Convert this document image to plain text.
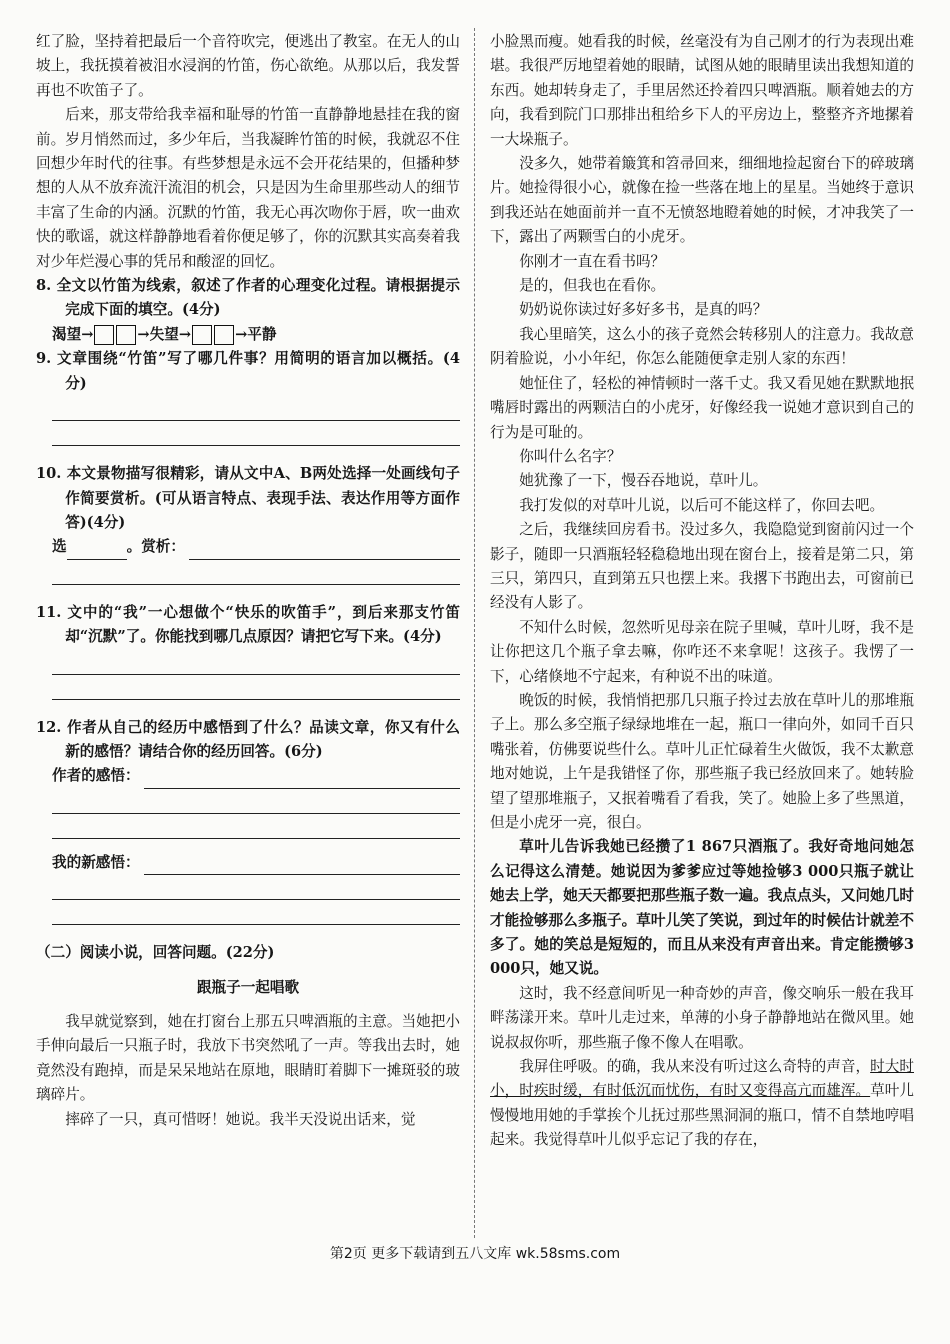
红了脸，坚持着把最后一个音符吹完，便逃出了教室。在无人的山坡上，我抚摸着被泪水浸润的竹笛，伤心欲绝。从那以后，我发誓再也不吹笛子了。

后来，那支带给我幸福和耻辱的竹笛一直静静地悬挂在我的窗前。岁月悄然而过，多少年后，当我凝眸竹笛的时候，我就忍不住回想少年时代的往事。有些梦想是永远不会开花结果的，但播种梦想的人从不放弃流汗流泪的机会，只是因为生命里那些动人的细节丰富了生命的内涵。沉默的竹笛，我无心再次吻你于唇，吹一曲欢快的歌谣，就这样静静地看着你便足够了，你的沉默其实高奏着我对少年烂漫心事的凭吊和酸涩的回忆。

8. 全文以竹笛为线索，叙述了作者的心理变化过程。请根据提示完成下面的填空。(4分)

渴望→	→失望→	→平静

9. 文章围绕“竹笛”写了哪几件事？用简明的语言加以概括。(4分)

10. 本文景物描写很精彩，请从文中A、B两处选择一处画线句子作简要赏析。(可从语言特点、表现手法、表达作用等方面作答)(4分)

选	。赏析：

11. 文中的“我”一心想做个“快乐的吹笛手”，到后来那支竹笛却“沉默”了。你能找到哪几点原因？请把它写下来。(4分)

12. 作者从自己的经历中感悟到了什么？品读文章，你又有什么新的感悟？请结合你的经历回答。(6分)

作者的感悟：
我的新感悟：

（二）阅读小说，回答问题。(22分)

跟瓶子一起唱歌

我早就觉察到，她在打窗台上那五只啤酒瓶的主意。当她把小手伸向最后一只瓶子时，我放下书突然吼了一声。等我出去时，她竟然没有跑掉，而是呆呆地站在原地，眼睛盯着脚下一摊斑驳的玻璃碎片。

摔碎了一只，真可惜呀！她说。我半天没说出话来，觉

小脸黑而瘦。她看我的时候，丝毫没有为自己刚才的行为表现出难堪。我很严厉地望着她的眼睛，试图从她的眼睛里读出我想知道的东西。她却转身走了，手里居然还拎着四只啤酒瓶。顺着她去的方向，我看到院门口那排出租给乡下人的平房边上，整整齐齐地摞着一大垛瓶子。

没多久，她带着簸箕和笤帚回来，细细地捡起窗台下的碎玻璃片。她捡得很小心，就像在捡一些落在地上的星星。当她终于意识到我还站在她面前并一直不无愤怒地瞪着她的时候，才冲我笑了一下，露出了两颗雪白的小虎牙。

你刚才一直在看书吗？

是的，但我也在看你。

奶奶说你读过好多好多书，是真的吗？

我心里暗笑，这么小的孩子竟然会转移别人的注意力。我故意阴着脸说，小小年纪，你怎么能随便拿走别人家的东西！

她怔住了，轻松的神情顿时一落千丈。我又看见她在默默地抿嘴唇时露出的两颗洁白的小虎牙，好像经我一说她才意识到自己的行为是可耻的。

你叫什么名字？

她犹豫了一下，慢吞吞地说，草叶儿。

我打发似的对草叶儿说，以后可不能这样了，你回去吧。

之后，我继续回房看书。没过多久，我隐隐觉到窗前闪过一个影子，随即一只酒瓶轻轻稳稳地出现在窗台上，接着是第二只，第三只，第四只，直到第五只也摆上来。我撂下书跑出去，可窗前已经没有人影了。

不知什么时候，忽然听见母亲在院子里喊，草叶儿呀，我不是让你把这几个瓶子拿去嘛，你咋还不来拿呢！这孩子。我愣了一下，心绪倏地不宁起来，有种说不出的味道。

晚饭的时候，我悄悄把那几只瓶子拎过去放在草叶儿的那堆瓶子上。那么多空瓶子绿绿地堆在一起，瓶口一律向外，如同千百只嘴张着，仿佛要说些什么。草叶儿正忙碌着生火做饭，我不太歉意地对她说，上午是我错怪了你，那些瓶子我已经放回来了。她转脸望了望那堆瓶子，又抿着嘴看了看我，笑了。她脸上多了些黑道，但是小虎牙一亮，很白。

草叶儿告诉我她已经攒了1 867只酒瓶了。我好奇地问她怎么记得这么清楚。她说因为爹爹应过等她捡够3 000只瓶子就让她去上学，她天天都要把那些瓶子数一遍。我点点头，又问她几时才能捡够那么多瓶子。草叶儿笑了笑说，到过年的时候估计就差不多了。她的笑总是短短的，而且从来没有声音出来。肯定能攒够3 000只，她又说。

这时，我不经意间听见一种奇妙的声音，像交响乐一般在我耳畔荡漾开来。草叶儿走过来，单薄的小身子静静地站在微风里。她说叔叔你听，那些瓶子像不像人在唱歌。

我屏住呼吸。的确，我从来没有听过这么奇特的声音，时大时小，时疾时缓，有时低沉而忧伤，有时又变得高亢而雄浑。草叶儿慢慢地用她的手掌挨个儿抚过那些黑洞洞的瓶口，情不自禁地哼唱起来。我觉得草叶儿似乎忘记了我的存在，

第2页 更多下载请到五八文库 wk.58sms.com
